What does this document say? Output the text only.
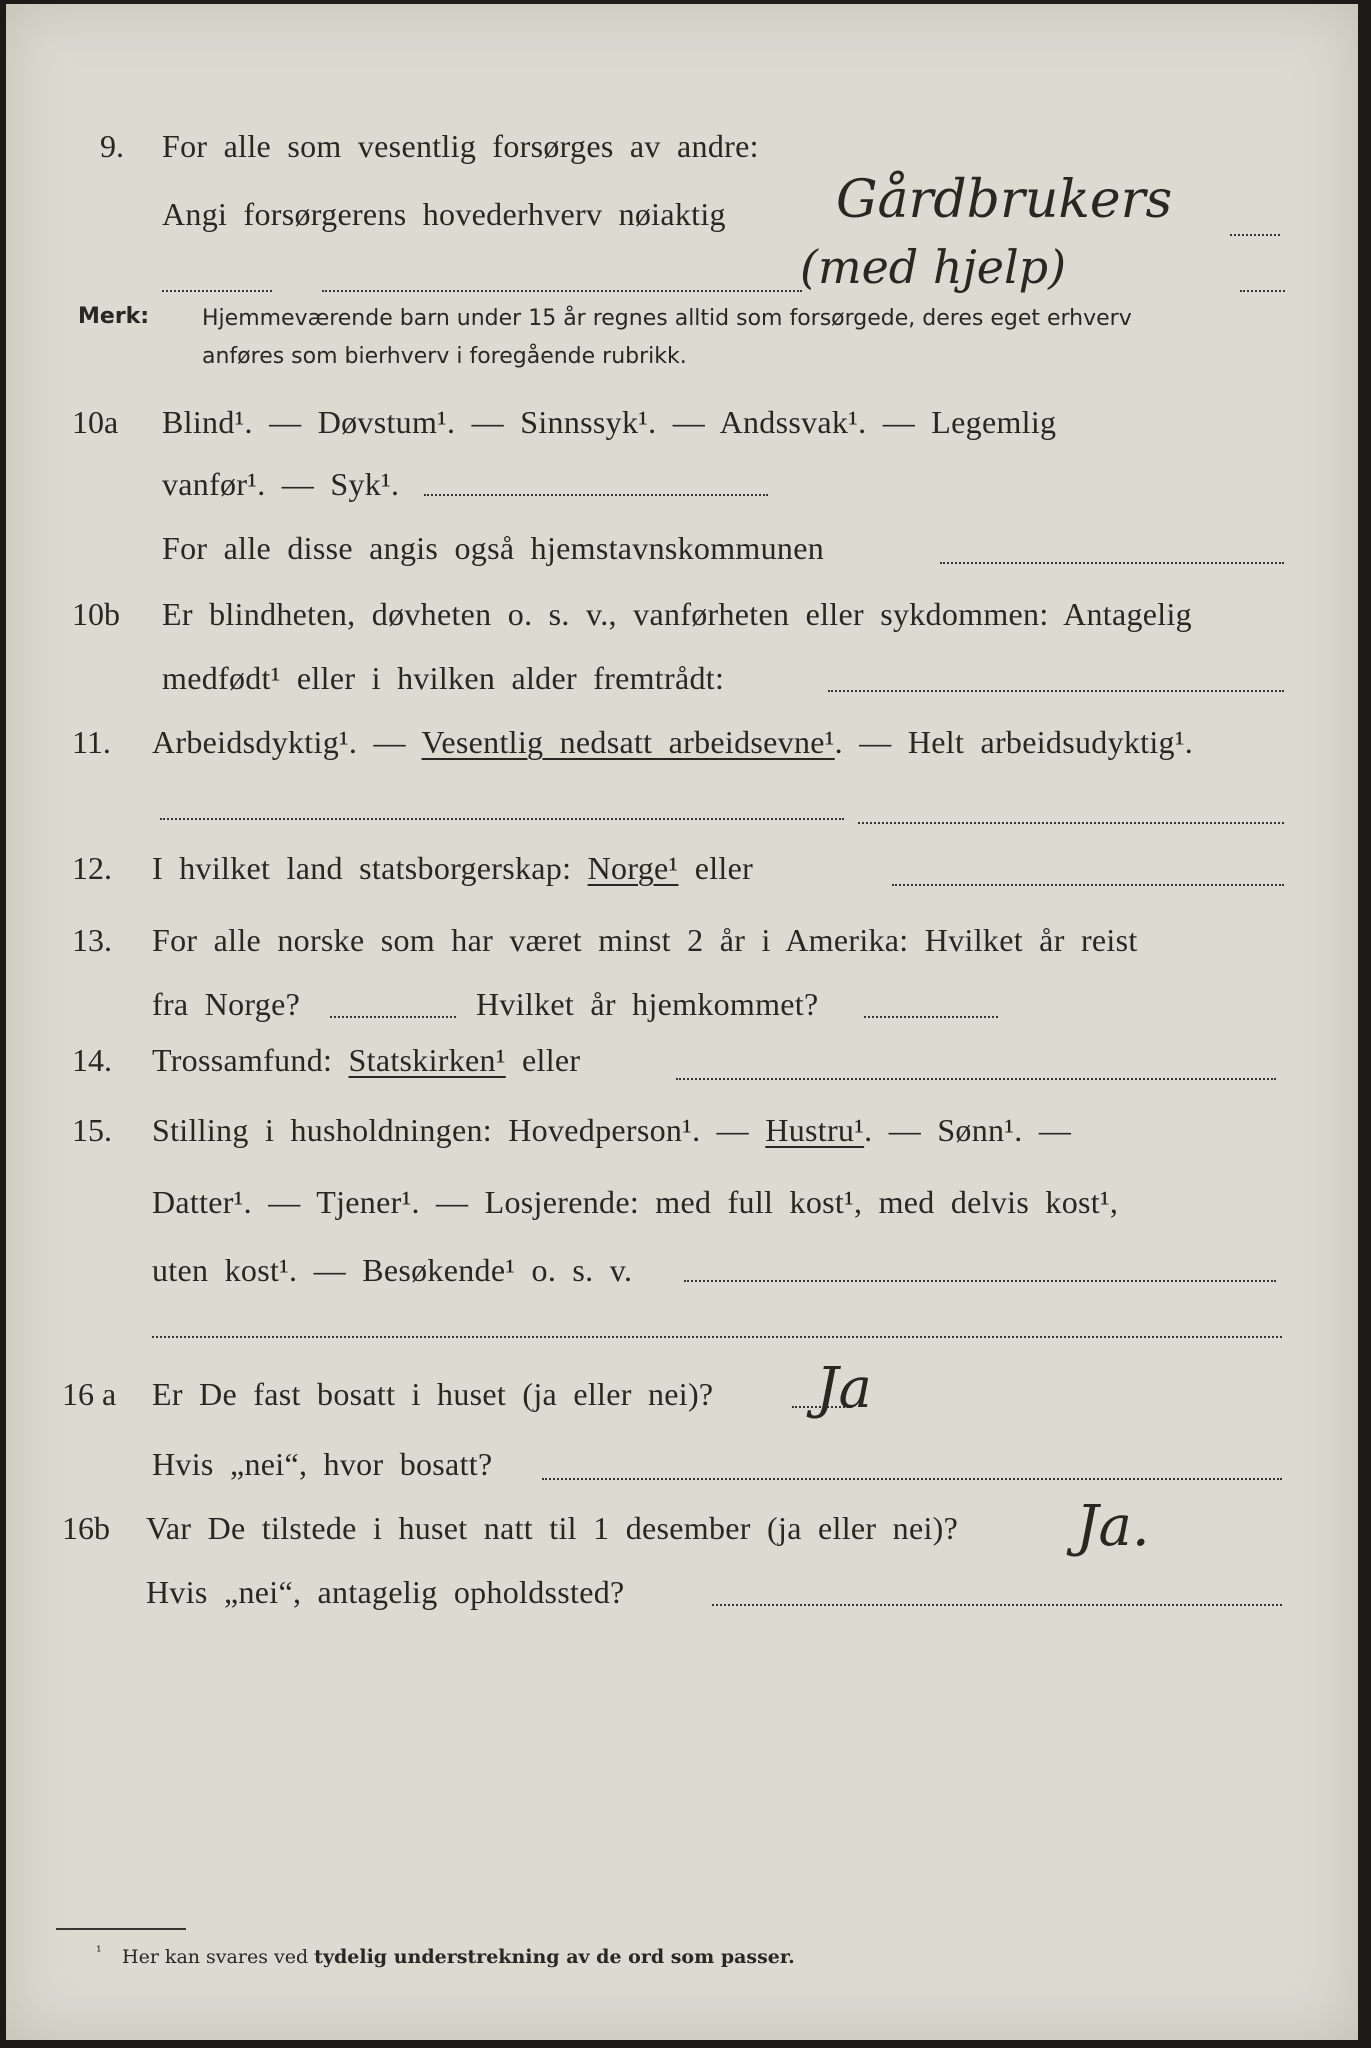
9. For alle som vesentlig forsørges av andre:
Angi forsørgerens hovederhverv nøiaktig Gårdbrukers
(med hjelp)
Merk: Hjemmeværende barn under 15 år regnes alltid som forsørgede, deres eget erhverv
anføres som bierhverv i foregående rubrikk.
10a Blind¹. — Døvstum¹. — Sinnssyk¹. — Andssvak¹. — Legemlig
vanfør¹. — Syk¹.
For alle disse angis også hjemstavnskommunen
10b Er blindheten, døvheten o. s. v., vanførheten eller sykdommen: Antagelig
medfødt¹ eller i hvilken alder fremtrådt:
11. Arbeidsdyktig¹. — Vesentlig nedsatt arbeidsevne¹. — Helt arbeidsudyktig¹.
12. I hvilket land statsborgerskap: Norge¹ eller
13. For alle norske som har været minst 2 år i Amerika: Hvilket år reist
fra Norge?	Hvilket år hjemkommet?
14. Trossamfund: Statskirken¹ eller
15. Stilling i husholdningen: Hovedperson¹. — Hustru¹. — Sønn¹. —
Datter¹. — Tjener¹. — Losjerende: med full kost¹, med delvis kost¹,
uten kost¹. — Besøkende¹ o. s. v.
16 a Er De fast bosatt i huset (ja eller nei)? Ja
Hvis „nei“, hvor bosatt?
16b Var De tilstede i huset natt til 1 desember (ja eller nei)? Ja.
Hvis „nei“, antagelig opholdssted?
¹ Her kan svares ved tydelig understrekning av de ord som passer.
